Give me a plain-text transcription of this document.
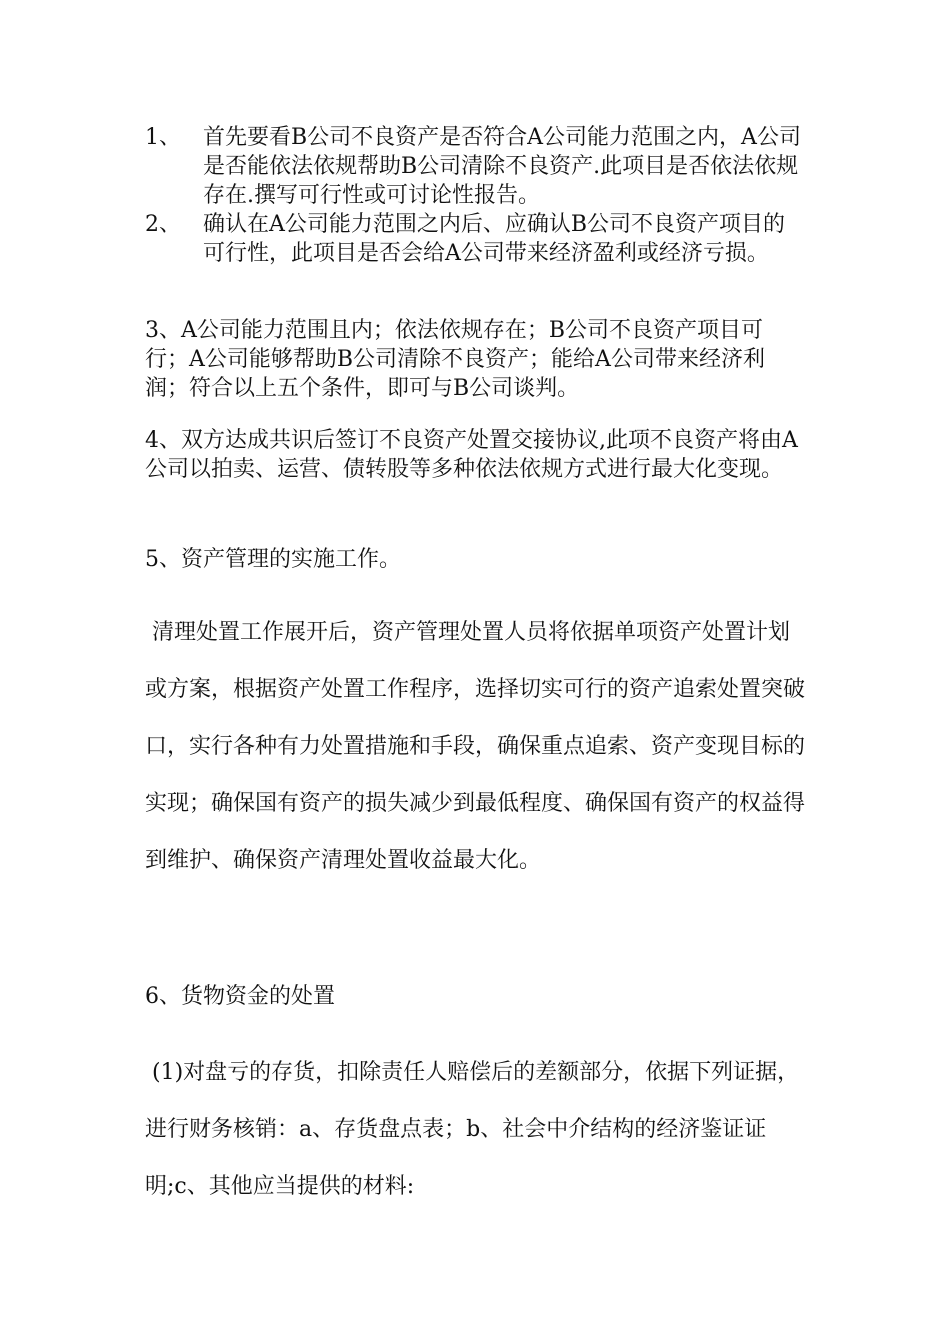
1、 首先要看B公司不良资产是否符合A公司能力范围之内，A公司是否能依法依规帮助B公司清除不良资产.此项目是否依法依规存在.撰写可行性或可讨论性报告。
2、 确认在A公司能力范围之内后、应确认B公司不良资产项目的可行性，此项目是否会给A公司带来经济盈利或经济亏损。
3、A公司能力范围且内；依法依规存在；B公司不良资产项目可行；A公司能够帮助B公司清除不良资产；能给A公司带来经济利润；符合以上五个条件，即可与B公司谈判。
4、双方达成共识后签订不良资产处置交接协议,此项不良资产将由A公司以拍卖、运营、债转股等多种依法依规方式进行最大化变现。
5、资产管理的实施工作。
清理处置工作展开后，资产管理处置人员将依据单项资产处置计划或方案，根据资产处置工作程序，选择切实可行的资产追索处置突破口，实行各种有力处置措施和手段，确保重点追索、资产变现目标的实现；确保国有资产的损失减少到最低程度、确保国有资产的权益得到维护、确保资产清理处置收益最大化。
6、货物资金的处置
(1)对盘亏的存货，扣除责任人赔偿后的差额部分，依据下列证据，进行财务核销：a、存货盘点表；b、社会中介结构的经济鉴证证明;c、其他应当提供的材料:
